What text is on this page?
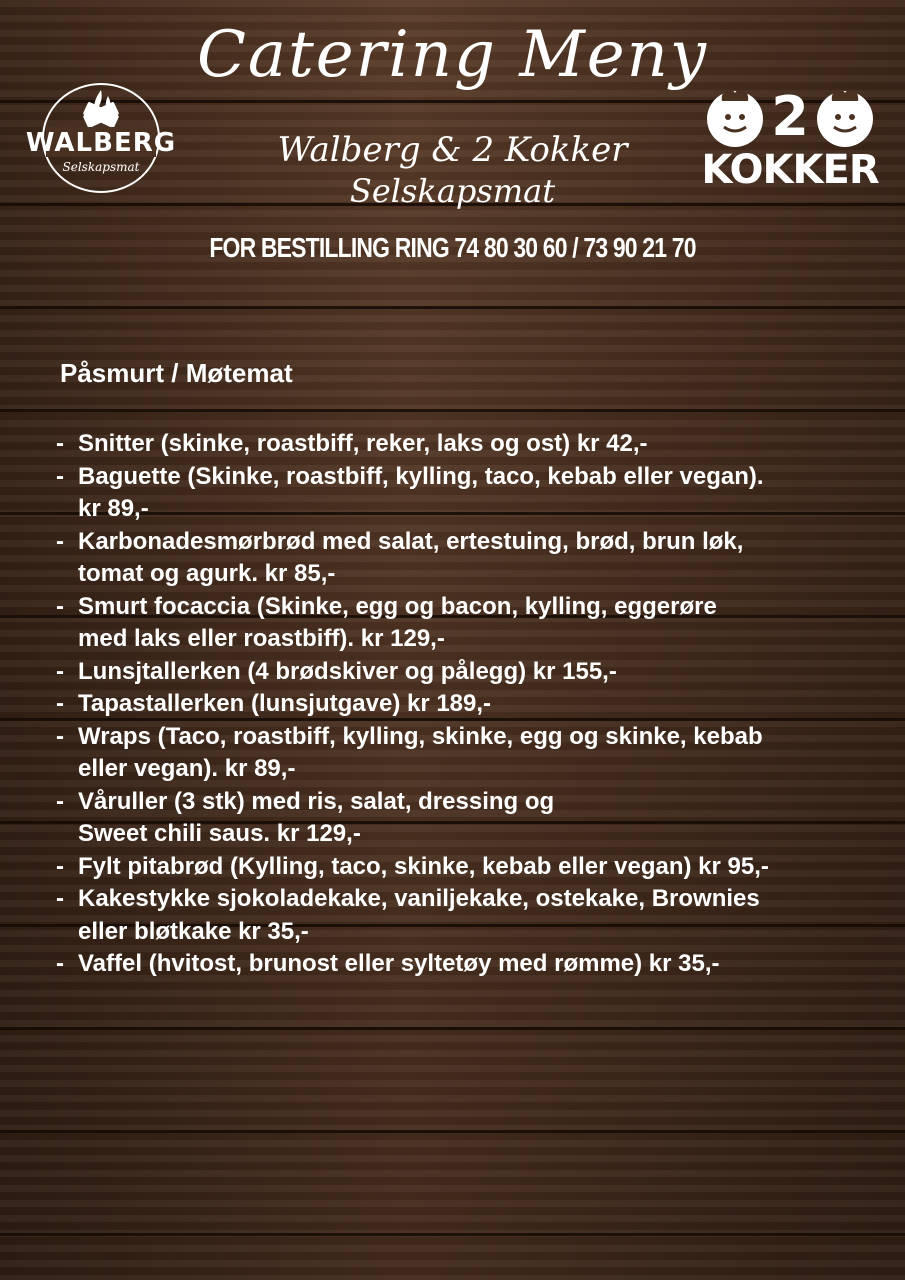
Catering Meny
Walberg & 2 Kokker
Selskapsmat
FOR BESTILLING RING 74 80 30 60 / 73 90 21 70
WALBERG
Selskapsmat
2
KOKKER
Påsmurt / Møtemat
- Snitter (skinke, roastbiff, reker, laks og ost) kr 42,-
- Baguette (Skinke, roastbiff, kylling, taco, kebab eller vegan).
kr 89,-
- Karbonadesmørbrød med salat, ertestuing, brød, brun løk,
tomat og agurk. kr 85,-
- Smurt focaccia (Skinke, egg og bacon, kylling, eggerøre
med laks eller roastbiff). kr 129,-
- Lunsjtallerken (4 brødskiver og pålegg) kr 155,-
- Tapastallerken (lunsjutgave) kr 189,-
- Wraps (Taco, roastbiff, kylling, skinke, egg og skinke, kebab
eller vegan). kr 89,-
- Våruller (3 stk) med ris, salat, dressing og
Sweet chili saus. kr 129,-
- Fylt pitabrød (Kylling, taco, skinke, kebab eller vegan) kr 95,-
- Kakestykke sjokoladekake, vaniljekake, ostekake, Brownies
eller bløtkake kr 35,-
- Vaffel (hvitost, brunost eller syltetøy med rømme) kr 35,-
